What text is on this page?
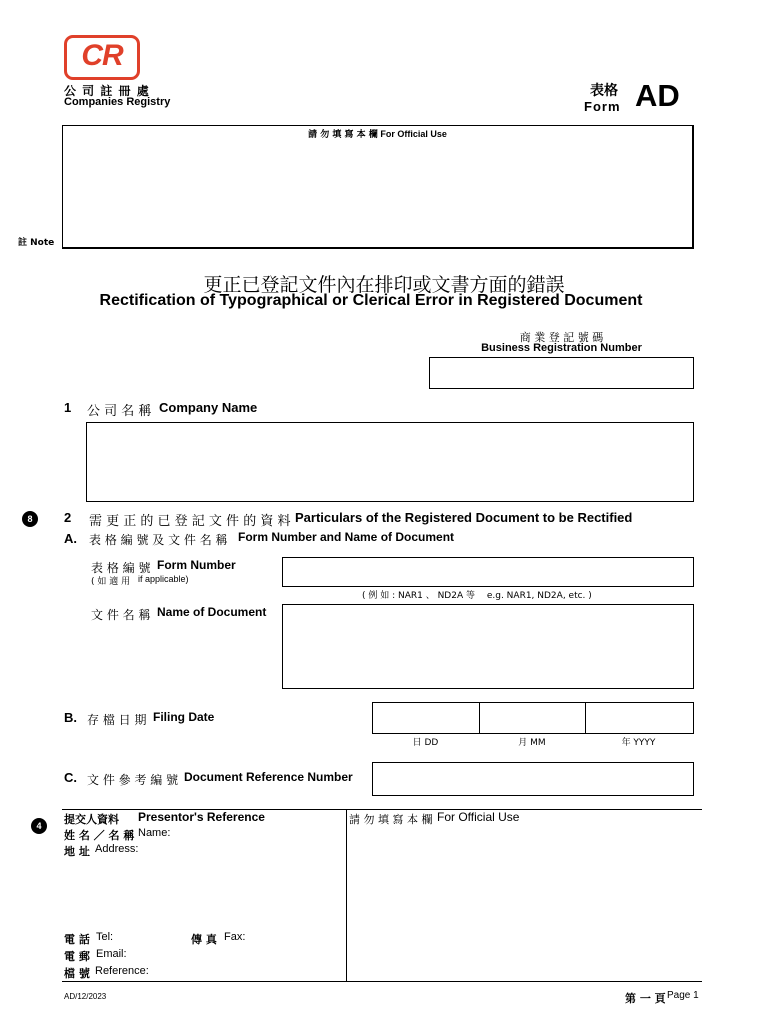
CR
公 司 註 冊 處
Companies Registry
表格
Form AD
請 勿 填 寫 本 欄 For Official Use
註 Note
更正已登記文件內在排印或文書方面的錯誤
Rectification of Typographical or Clerical Error in Registered Document
商 業 登 記 號 碼
Business Registration Number
1 公 司 名 稱 Company Name
8	2 需 更 正 的 已 登 記 文 件 的 資 料 Particulars of the Registered Document to be Rectified
A. 表 格 編 號 及 文 件 名 稱 Form Number and Name of Document
表 格 編 號 Form Number
( 如 適 用 if applicable)
( 例 如 : NAR1 、 ND2A 等　 e.g. NAR1, ND2A, etc. )
文 件 名 稱 Name of Document
B. 存 檔 日 期 Filing Date
日 DD	月 MM	年 YYYY
C. 文 件 參 考 編 號 Document Reference Number
4	提交人資料 Presentor's Reference
姓 名 ／ 名 稱 Name:
地 址 Address:
電 話 Tel:	傳 真 Fax:
電 郵 Email:
檔 號 Reference:
請 勿 填 寫 本 欄 For Official Use
AD/12/2023	第 一 頁 Page 1
